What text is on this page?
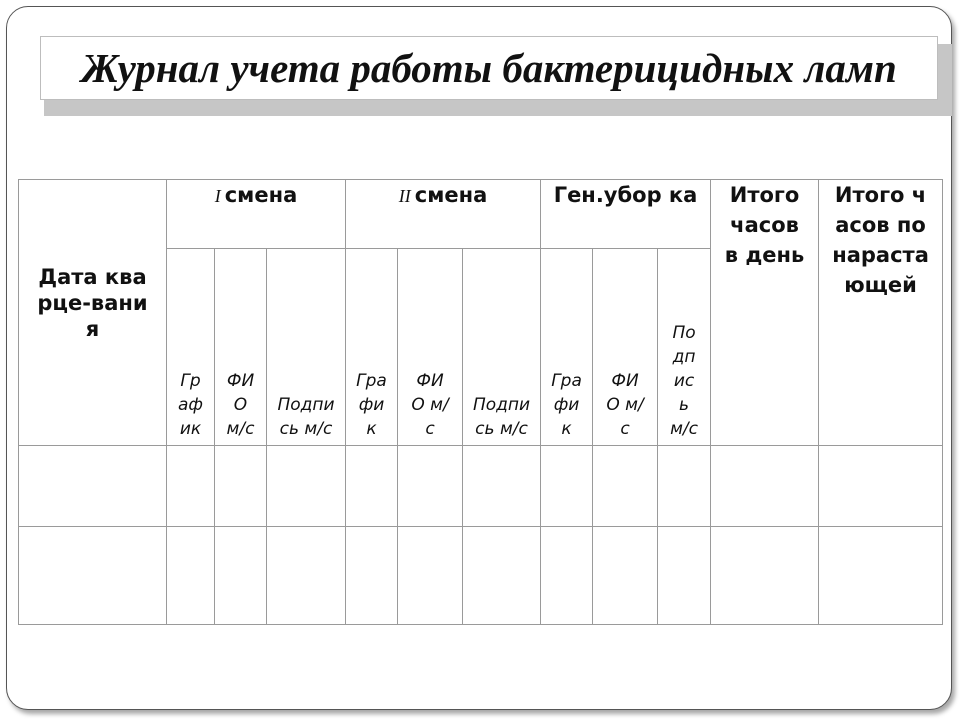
Журнал учета работы бактерицидных ламп
Дата кварце-вания	I смена			II смена			Ген.убор ка			Итого часов в день	Итого часов по нарастающей

	График	ФИО м/с	Подпись м/с	График	ФИО м/с	Подпись м/с	График	ФИО м/с	Подпись м/с		
